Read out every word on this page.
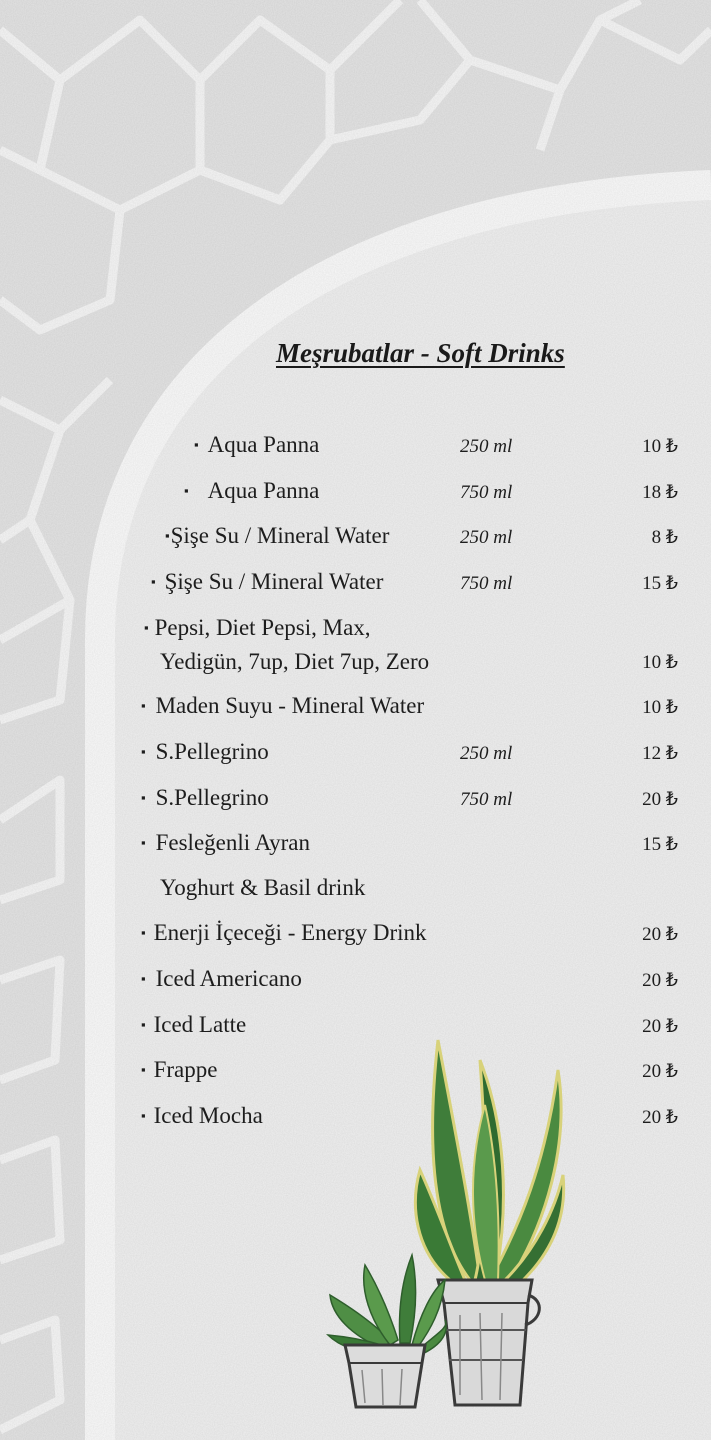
Meşrubatlar - Soft Drinks
▪ Aqua Panna	250 ml	10 ₺
▪ Aqua Panna	750 ml	18 ₺
▪Şişe Su / Mineral Water	250 ml	8 ₺
▪ Şişe Su / Mineral Water	750 ml	15 ₺
▪ Pepsi, Diet Pepsi, Max,
Yedigün, 7up, Diet 7up, Zero	10 ₺
▪ Maden Suyu - Mineral Water	10 ₺
▪ S.Pellegrino	250 ml	12 ₺
▪ S.Pellegrino	750 ml	20 ₺
▪ Fesleğenli Ayran	15 ₺
Yoghurt & Basil drink
▪ Enerji İçeceği - Energy Drink	20 ₺
▪ Iced Americano	20 ₺
▪ Iced Latte	20 ₺
▪ Frappe	20 ₺
▪ Iced Mocha	20 ₺
